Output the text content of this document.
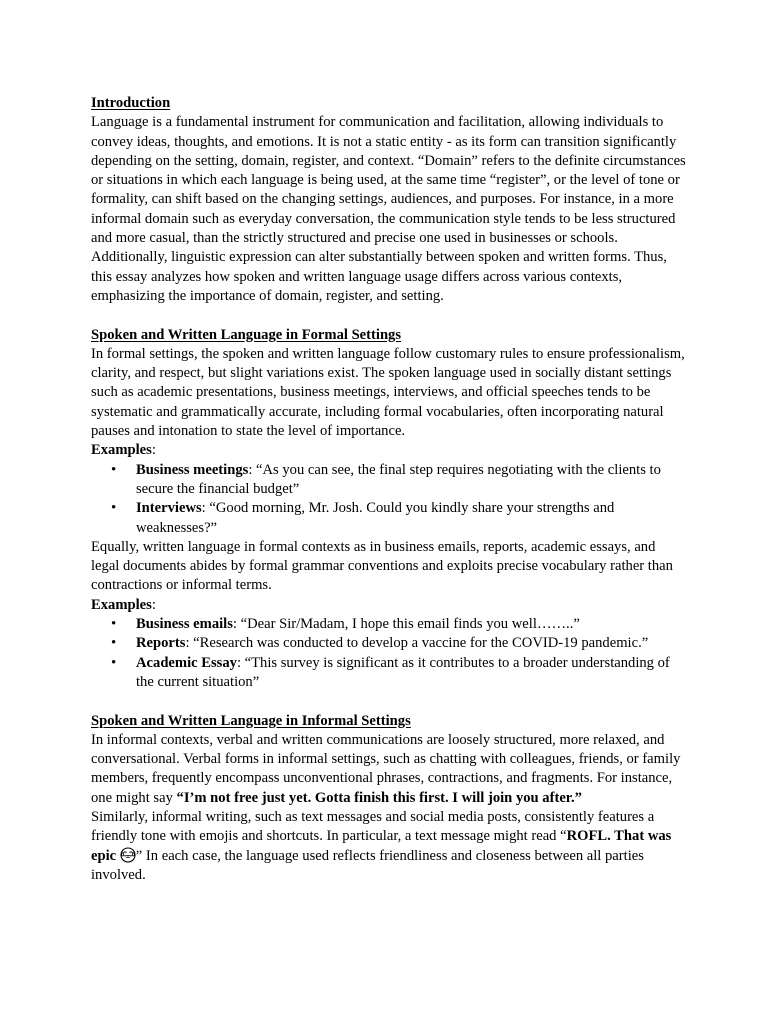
Introduction

Language is a fundamental instrument for communication and facilitation, allowing individuals to convey ideas, thoughts, and emotions. It is not a static entity - as its form can transition significantly depending on the setting, domain, register, and context. “Domain” refers to the definite circumstances or situations in which each language is being used, at the same time “register”, or the level of tone or formality, can shift based on the changing settings, audiences, and purposes. For instance, in a more informal domain such as everyday conversation, the communication style tends to be less structured and more casual, than the strictly structured and precise one used in businesses or schools. Additionally, linguistic expression can alter substantially between spoken and written forms. Thus, this essay analyzes how spoken and written language usage differs across various contexts, emphasizing the importance of domain, register, and setting.

Spoken and Written Language in Formal Settings

In formal settings, the spoken and written language follow customary rules to ensure professionalism, clarity, and respect, but slight variations exist. The spoken language used in socially distant settings such as academic presentations, business meetings, interviews, and official speeches tends to be systematic and grammatically accurate, including formal vocabularies, often incorporating natural pauses and intonation to state the level of importance.

Examples:
• Business meetings: “As you can see, the final step requires negotiating with the clients to secure the financial budget”
• Interviews: “Good morning, Mr. Josh. Could you kindly share your strengths and weaknesses?”

Equally, written language in formal contexts as in business emails, reports, academic essays, and legal documents abides by formal grammar conventions and exploits precise vocabulary rather than contractions or informal terms.

Examples:
• Business emails: “Dear Sir/Madam, I hope this email finds you well……..”
• Reports: “Research was conducted to develop a vaccine for the COVID-19 pandemic.”
• Academic Essay: “This survey is significant as it contributes to a broader understanding of the current situation”
Spoken and Written Language in Informal Settings

In informal contexts, verbal and written communications are loosely structured, more relaxed, and conversational. Verbal forms in informal settings, such as chatting with colleagues, friends, or family members, frequently encompass unconventional phrases, contractions, and fragments. For instance, one might say “I’m not free just yet. Gotta finish this first. I will join you after.”

Similarly, informal writing, such as text messages and social media posts, consistently features a friendly tone with emojis and shortcuts. In particular, a text message might read “ROFL. That was epic ” In each case, the language used reflects friendliness and closeness between all parties involved.
